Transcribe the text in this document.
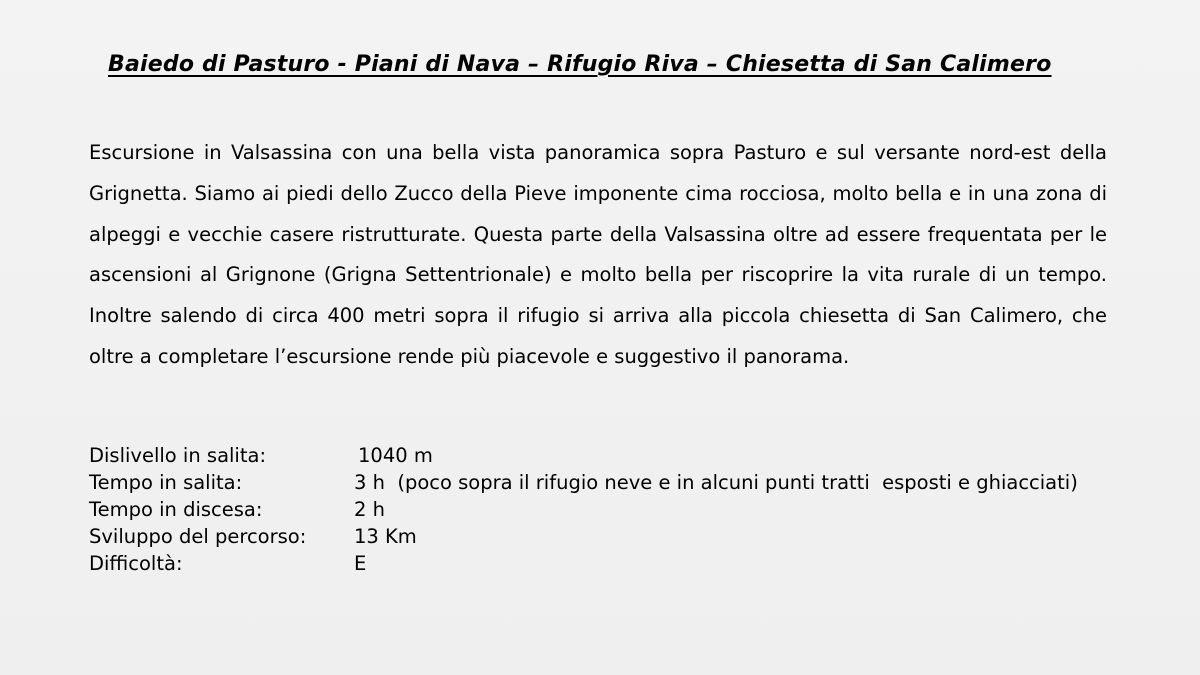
Baiedo di Pasturo - Piani di Nava – Rifugio Riva – Chiesetta di San Calimero
Escursione in Valsassina con una bella vista panoramica sopra Pasturo e sul versante nord-est della Grignetta. Siamo ai piedi dello Zucco della Pieve imponente cima rocciosa, molto bella e in una zona di alpeggi e vecchie casere ristrutturate. Questa parte della Valsassina oltre ad essere frequentata per le ascensioni al Grignone (Grigna Settentrionale) e molto bella per riscoprire la vita rurale di un tempo. Inoltre salendo di circa 400 metri sopra il rifugio si arriva alla piccola chiesetta di San Calimero, che oltre a completare l’escursione rende più piacevole e suggestivo il panorama.
Dislivello in salita:	1040 m
Tempo in salita:	3 h  (poco sopra il rifugio neve e in alcuni punti tratti  esposti e ghiacciati)
Tempo in discesa:	2 h
Sviluppo del percorso:	13 Km
Difficoltà:	E
